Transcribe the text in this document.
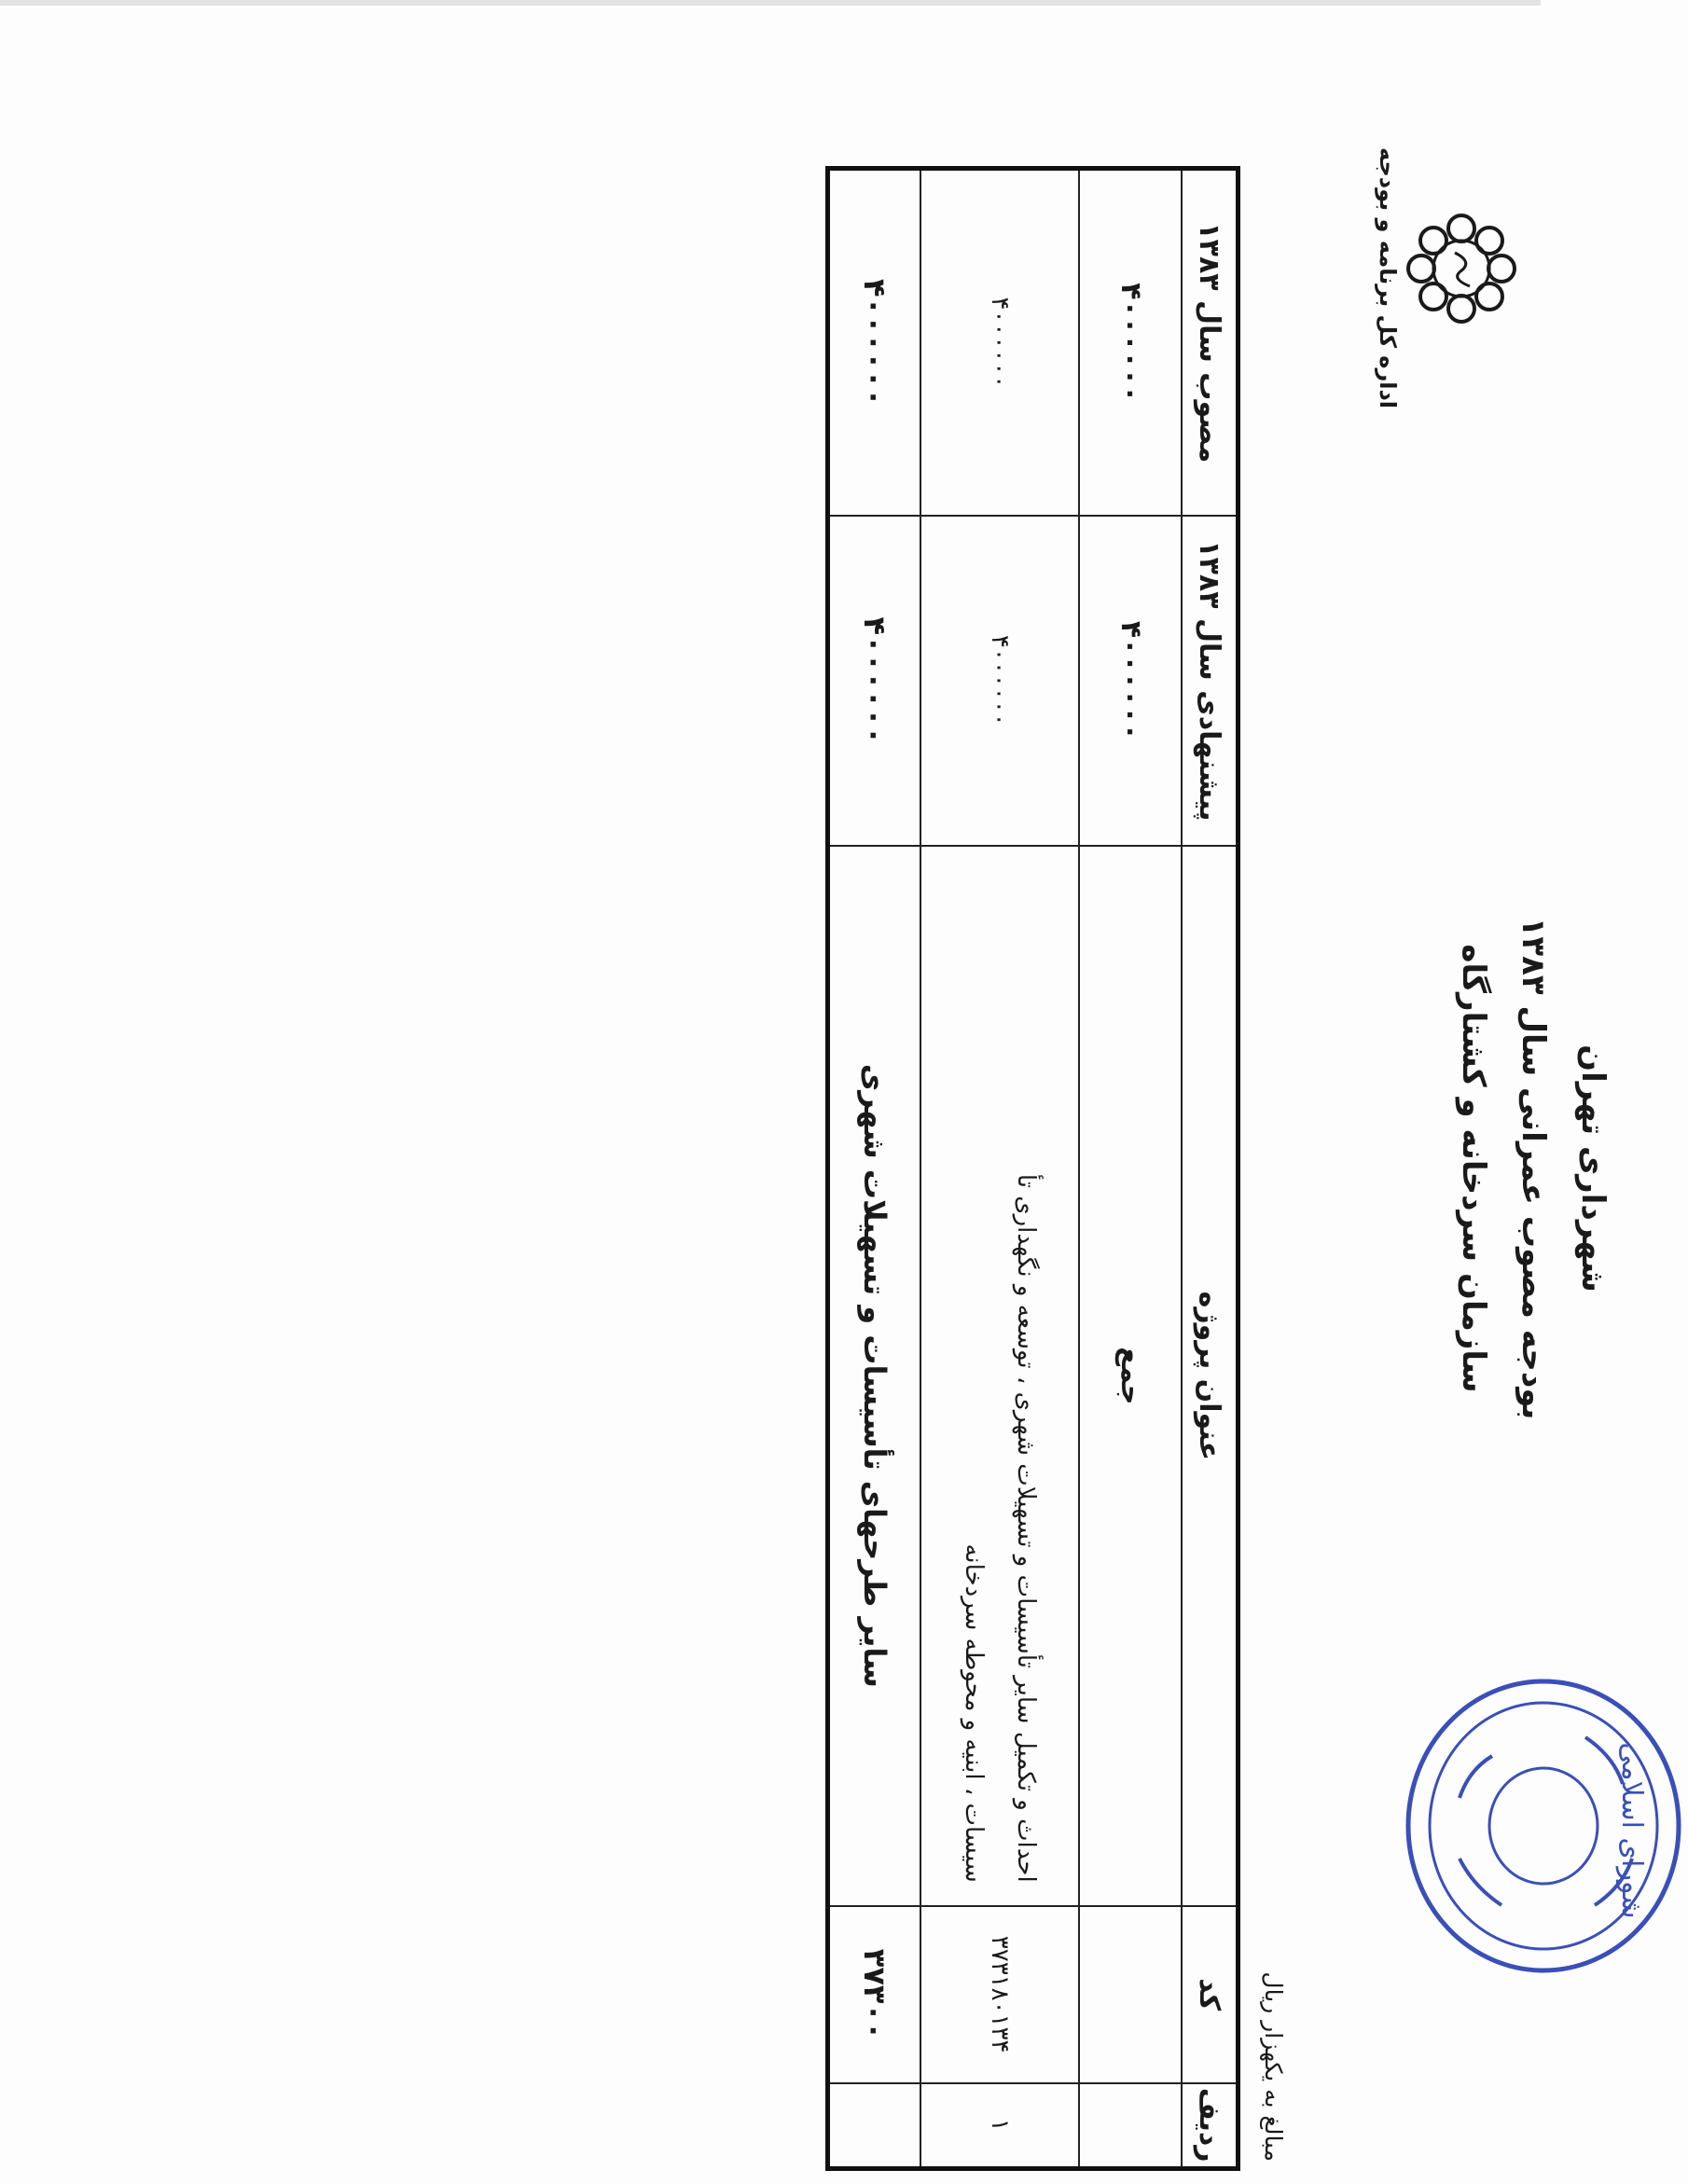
شهرداری تهران
بودجه مصوب عمرانی سال ۱۳۸۳
سازمان سردخانه و کشتارگاه
اداره کل برنامه و بودجه
مبالغ به یکهزار ریال
شورای اسلامی
ردیف	کد	عنوان پروژه	پیشنهادی سال ۱۳۸۳	مصوب سال ۱۳۸۳
		جمع	۴۰۰۰۰۰۰	۴۰۰۰۰۰۰
۱	۳۷۳۱۸۰۱۳۴	احداث و تکمیل سایر تأسیسات و تسهیلات شهری ، توسعه و نگهداری تأ
سیسات ، ابنیه و محوطه سردخانه	۴۰۰۰۰۰۰	۴۰۰۰۰۰۰
	۳۷۳۰۰	سایر طرحهای تأسیسات و تسهیلات شهری	۴۰۰۰۰۰۰	۴۰۰۰۰۰۰
